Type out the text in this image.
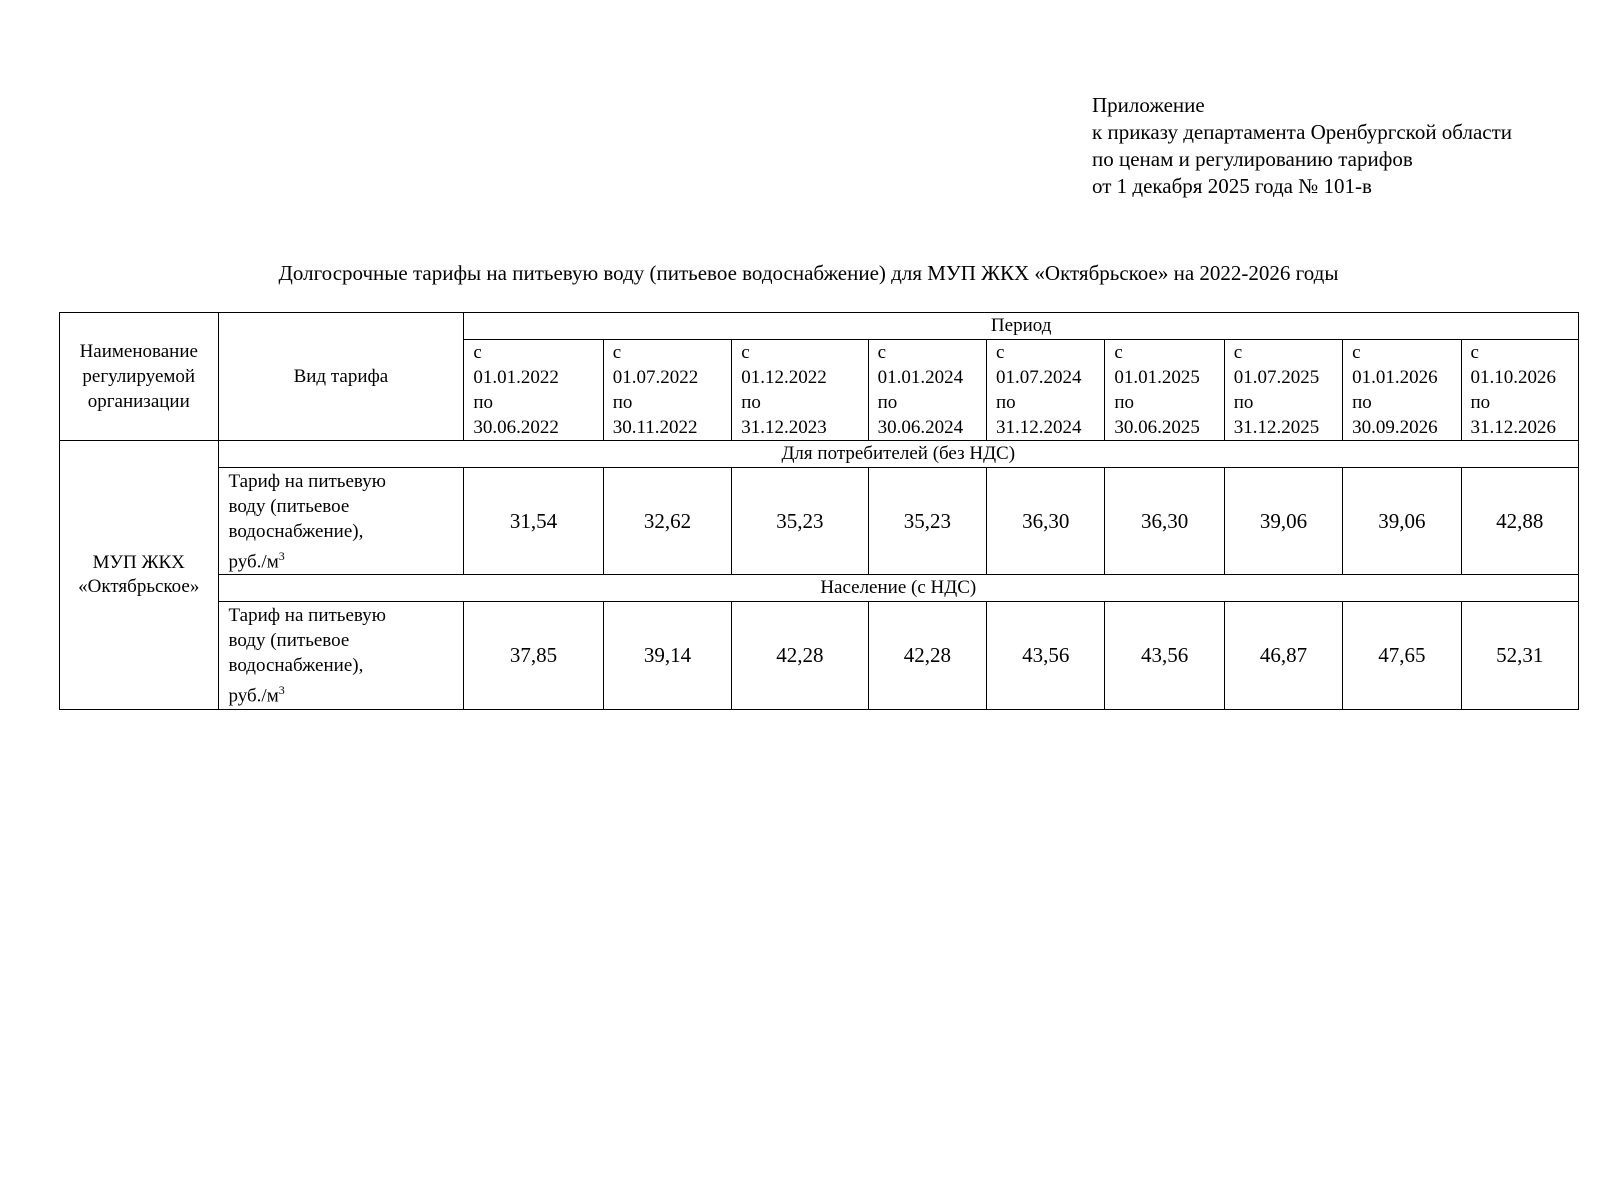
Приложение
к приказу департамента Оренбургской области
по ценам и регулированию тарифов
от 1 декабря 2025 года № 101-в
Долгосрочные тарифы на питьевую воду (питьевое водоснабжение) для МУП ЖКХ «Октябрьское» на 2022-2026 годы
Наименование
регулируемой
организации	Вид тарифа	Период								

		с
01.01.2022
по
30.06.2022	с
01.07.2022
по
30.11.2022	с
01.12.2022
по
31.12.2023	с
01.01.2024
по
30.06.2024	с
01.07.2024
по
31.12.2024	с
01.01.2025
по
30.06.2025	с
01.07.2025
по
31.12.2025	с
01.01.2026
по
30.09.2026	с
01.10.2026
по
31.12.2026

МУП ЖКХ
«Октябрьское»	Для потребителей (без НДС)									

	Тариф на питьевую
воду (питьевое
водоснабжение),
$руб./м^3$	31,54	32,62	35,23	35,23	36,30	36,30	39,06	39,06	42,88
	Население (с НДС)									

	Тариф на питьевую
воду (питьевое
водоснабжение),
$руб./м^3$	37,85	39,14	42,28	42,28	43,56	43,56	46,87	47,65	52,31
